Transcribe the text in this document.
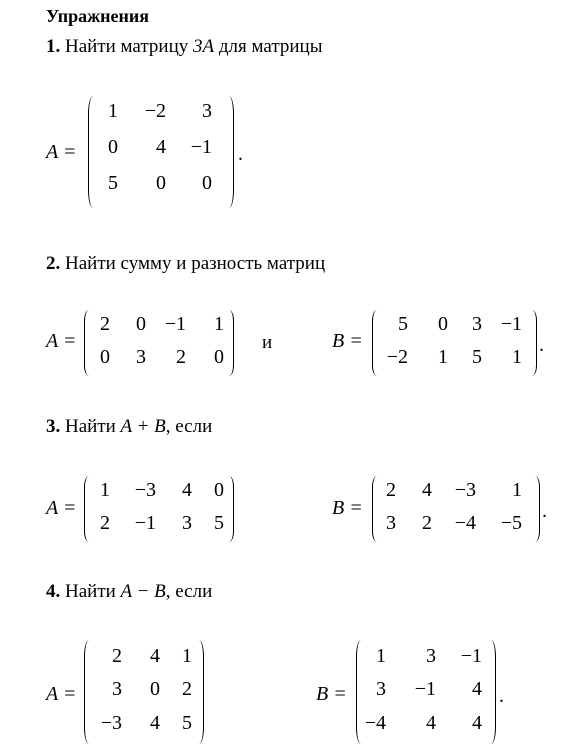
Упражнения
1. Найти матрицу 3A для матрицы
A =
1 −2 3
0 4 −1
5 0 0
.
2. Найти сумму и разность матриц
A =
2 0 −1 1
0 3 2 0
и	B =
5 0 3 −1
−2 1 5 1
.
3. Найти A + B, если
A =
1 −3 4 0
2 −1 3 5
B =
2 4 −3 1
3 2 −4 −5
.
4. Найти A − B, если
A =
2 4 1
3 0 2
−3 4 5
B =
1 3 −1
3 −1 4
−4 4 4
.
